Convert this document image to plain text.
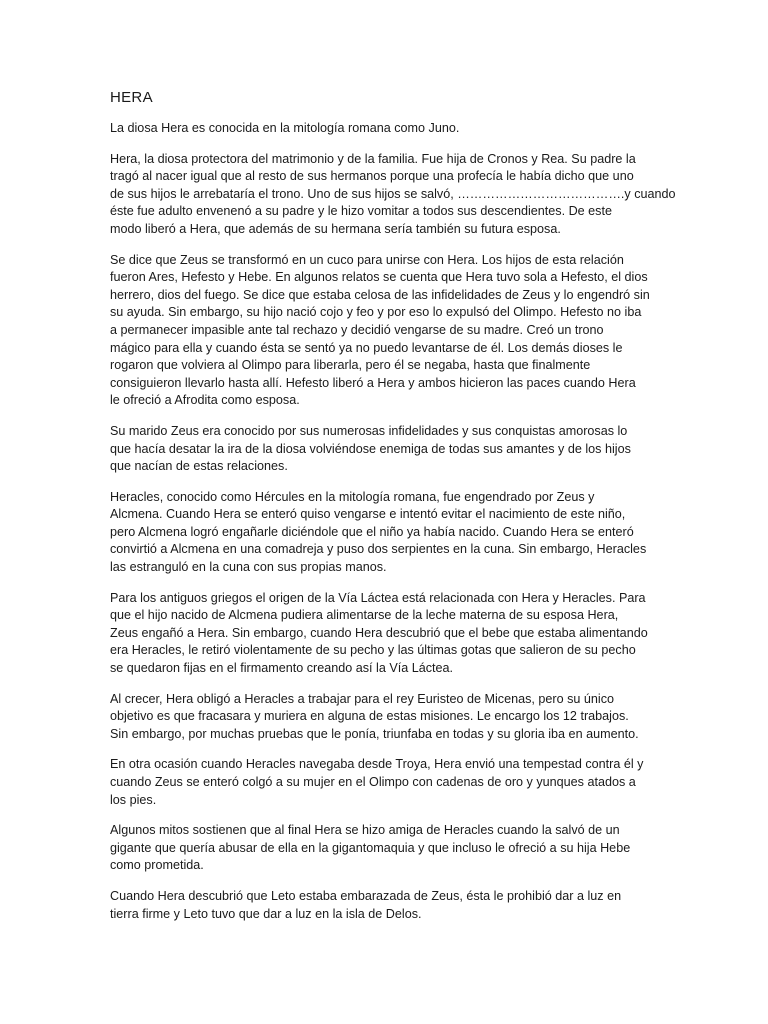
HERA

La diosa Hera es conocida en la mitología romana como Juno.

Hera, la diosa protectora del matrimonio y de la familia. Fue hija de Cronos y Rea. Su padre la
tragó al nacer igual que al resto de sus hermanos porque una profecía le había dicho que uno
de sus hijos le arrebataría el trono. Uno de sus hijos se salvó, ………………………………….y cuando
éste fue adulto envenenó a su padre y le hizo vomitar a todos sus descendientes. De este
modo liberó a Hera, que además de su hermana sería también su futura esposa.

Se dice que Zeus se transformó en un cuco para unirse con Hera. Los hijos de esta relación
fueron Ares, Hefesto y Hebe. En algunos relatos se cuenta que Hera tuvo sola a Hefesto, el dios
herrero, dios del fuego. Se dice que estaba celosa de las infidelidades de Zeus y lo engendró sin
su ayuda. Sin embargo, su hijo nació cojo y feo y por eso lo expulsó del Olimpo. Hefesto no iba
a permanecer impasible ante tal rechazo y decidió vengarse de su madre. Creó un trono
mágico para ella y cuando ésta se sentó ya no puedo levantarse de él. Los demás dioses le
rogaron que volviera al Olimpo para liberarla, pero él se negaba, hasta que finalmente
consiguieron llevarlo hasta allí. Hefesto liberó a Hera y ambos hicieron las paces cuando Hera
le ofreció a Afrodita como esposa.

Su marido Zeus era conocido por sus numerosas infidelidades y sus conquistas amorosas lo
que hacía desatar la ira de la diosa volviéndose enemiga de todas sus amantes y de los hijos
que nacían de estas relaciones.

Heracles, conocido como Hércules en la mitología romana, fue engendrado por Zeus y
Alcmena. Cuando Hera se enteró quiso vengarse e intentó evitar el nacimiento de este niño,
pero Alcmena logró engañarle diciéndole que el niño ya había nacido. Cuando Hera se enteró
convirtió a Alcmena en una comadreja y puso dos serpientes en la cuna. Sin embargo, Heracles
las estranguló en la cuna con sus propias manos.

Para los antiguos griegos el origen de la Vía Láctea está relacionada con Hera y Heracles. Para
que el hijo nacido de Alcmena pudiera alimentarse de la leche materna de su esposa Hera,
Zeus engañó a Hera. Sin embargo, cuando Hera descubrió que el bebe que estaba alimentando
era Heracles, le retiró violentamente de su pecho y las últimas gotas que salieron de su pecho
se quedaron fijas en el firmamento creando así la Vía Láctea.

Al crecer, Hera obligó a Heracles a trabajar para el rey Euristeo de Micenas, pero su único
objetivo es que fracasara y muriera en alguna de estas misiones. Le encargo los 12 trabajos.
Sin embargo, por muchas pruebas que le ponía, triunfaba en todas y su gloria iba en aumento.

En otra ocasión cuando Heracles navegaba desde Troya, Hera envió una tempestad contra él y
cuando Zeus se enteró colgó a su mujer en el Olimpo con cadenas de oro y yunques atados a
los pies.

Algunos mitos sostienen que al final Hera se hizo amiga de Heracles cuando la salvó de un
gigante que quería abusar de ella en la gigantomaquia y que incluso le ofreció a su hija Hebe
como prometida.

Cuando Hera descubrió que Leto estaba embarazada de Zeus, ésta le prohibió dar a luz en
tierra firme y Leto tuvo que dar a luz en la isla de Delos.
